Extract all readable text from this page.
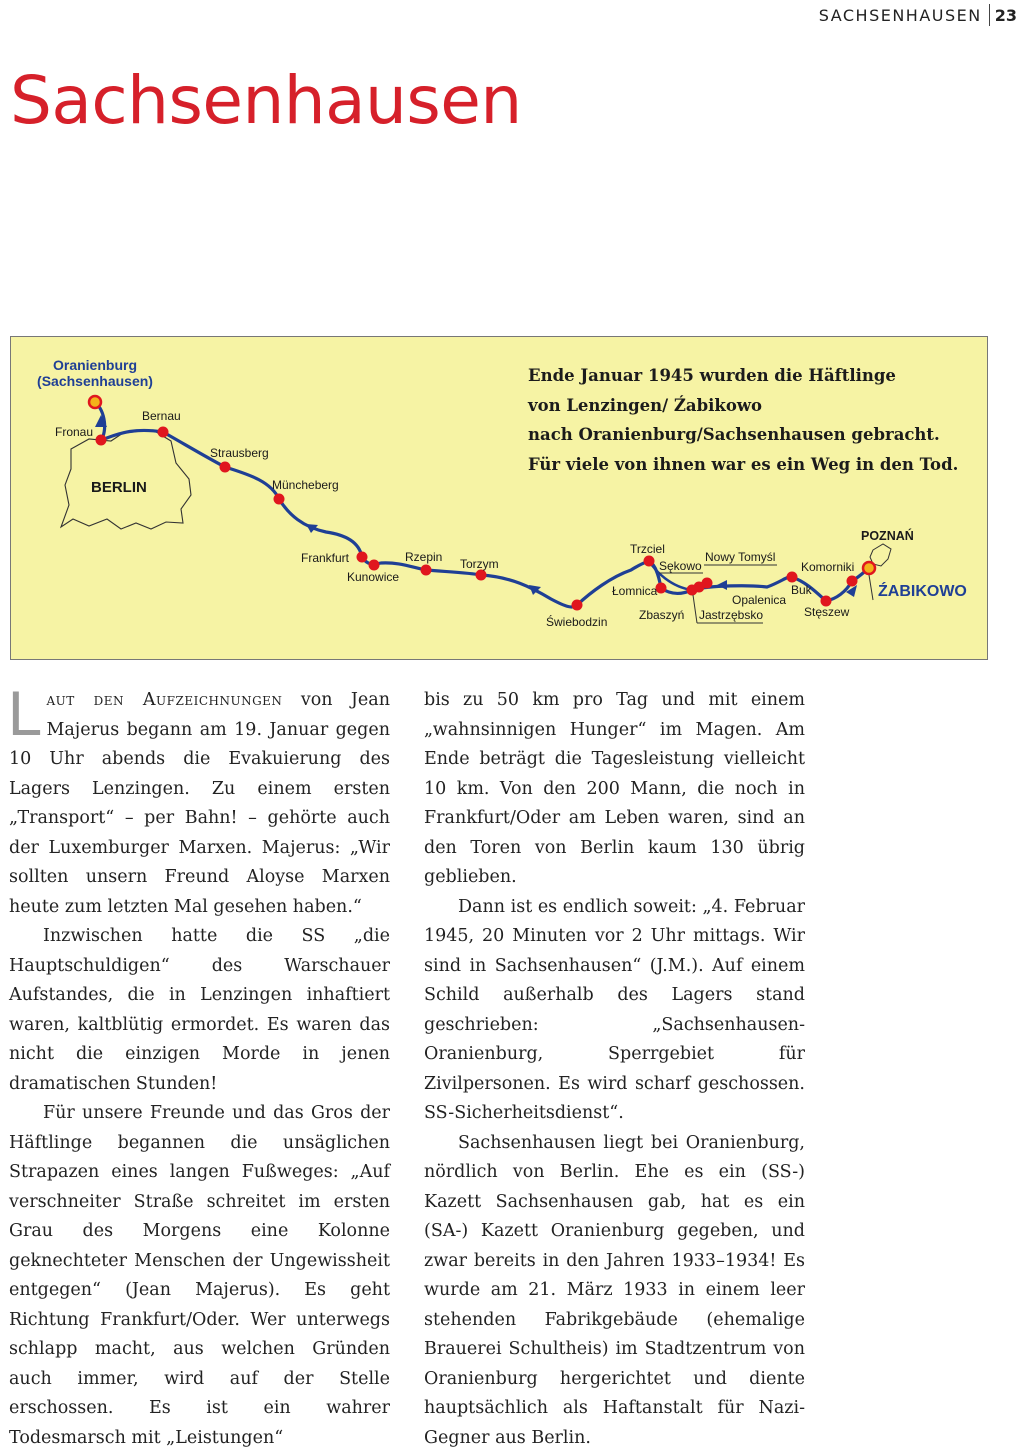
SACHSENHAUSEN 23
Sachsenhausen
Oranienburg
(Sachsenhausen)
BERLIN
Fronau
Bernau
Strausberg
Müncheberg
Frankfurt
Kunowice
Rzepin Torzym
Świebodzin
Trzciel
Sękowo
Łomnica
Zbaszyń Jastrzębsko
Nowy Tomyśl
Opalenica
Buk
Komorniki
Stęszew
POZNAŃ
ŹABIKOWO
Ende Januar 1945 wurden die Häftlinge
von Lenzingen/ Źabikowo
nach Oranienburg/Sachsenhausen gebracht.
Für viele von ihnen war es ein Weg in den Tod.

Laut den Aufzeichnungen von Jean Majerus begann am 19. Januar gegen 10 Uhr abends die Evakuierung des Lagers Lenzingen. Zu einem ersten „Transport“ – per Bahn! – gehörte auch der Luxemburger Marxen. Majerus: „Wir sollten unsern Freund Aloyse Marxen heute zum letzten Mal gesehen haben.“

Inzwischen hatte die SS „die Hauptschuldigen“ des Warschauer Aufstandes, die in Lenzingen inhaftiert waren, kaltblütig ermordet. Es waren das nicht die einzigen Morde in jenen dramatischen Stunden!

Für unsere Freunde und das Gros der Häftlinge begannen die unsäglichen Strapazen eines langen Fußweges: „Auf verschneiter Straße schreitet im ersten Grau des Morgens eine Kolonne geknechteter Menschen der Ungewissheit entgegen“ (Jean Majerus). Es geht Richtung Frankfurt/Oder. Wer unterwegs schlapp macht, aus welchen Gründen auch immer, wird auf der Stelle erschossen. Es ist ein wahrer Todesmarsch mit „Leistungen“

bis zu 50 km pro Tag und mit einem „wahnsinnigen Hunger“ im Magen. Am Ende beträgt die Tagesleistung vielleicht 10 km. Von den 200 Mann, die noch in Frankfurt/Oder am Leben waren, sind an den Toren von Berlin kaum 130 übrig geblieben.

Dann ist es endlich soweit: „4. Februar 1945, 20 Minuten vor 2 Uhr mittags. Wir sind in Sachsenhausen“ (J.M.). Auf einem Schild außerhalb des Lagers stand geschrieben: „Sachsenhausen-Oranienburg, Sperrgebiet für Zivilpersonen. Es wird scharf geschossen. SS-Sicherheitsdienst“.

Sachsenhausen liegt bei Oranienburg, nördlich von Berlin. Ehe es ein (SS-) Kazett Sachsenhausen gab, hat es ein (SA-) Kazett Oranienburg gegeben, und zwar bereits in den Jahren 1933–1934! Es wurde am 21. März 1933 in einem leer stehenden Fabrikgebäude (ehemalige Brauerei Schultheis) im Stadtzentrum von Oranienburg hergerichtet und diente hauptsächlich als Haftanstalt für Nazi-Gegner aus Berlin.
